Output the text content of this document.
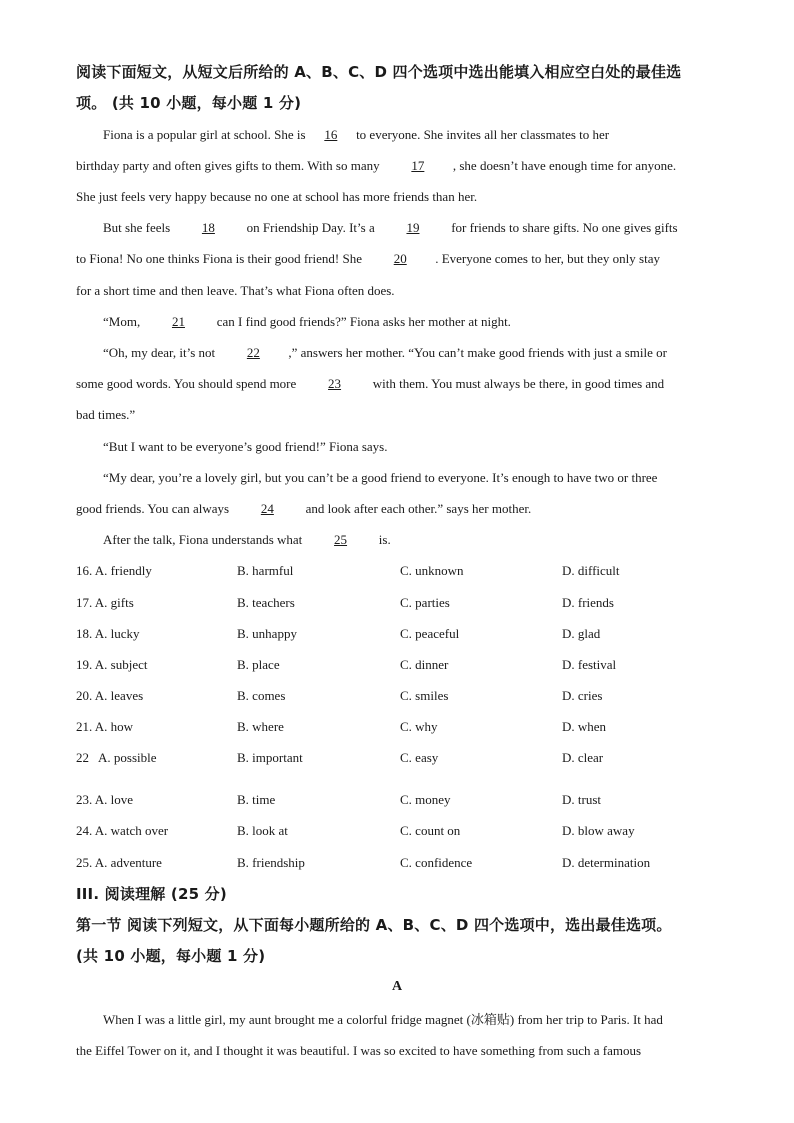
阅读下面短文，从短文后所给的 A、B、C、D 四个选项中选出能填入相应空白处的最佳选
项。 (共 10 小题，每小题 1 分)
Fiona is a popular girl at school. She is 16 to everyone. She invites all her classmates to her
birthday party and often gives gifts to them. With so many 17 , she doesn’t have enough time for anyone.
She just feels very happy because no one at school has more friends than her.
But she feels 18 on Friendship Day. It’s a 19 for friends to share gifts. No one gives gifts
to Fiona! No one thinks Fiona is their good friend! She 20 . Everyone comes to her, but they only stay
for a short time and then leave. That’s what Fiona often does.
“Mom, 21 can I find good friends?” Fiona asks her mother at night.
“Oh, my dear, it’s not 22 ,” answers her mother. “You can’t make good friends with just a smile or
some good words. You should spend more 23 with them. You must always be there, in good times and
bad times.”
“But I want to be everyone’s good friend!” Fiona says.
“My dear, you’re a lovely girl, but you can’t be a good friend to everyone. It’s enough to have two or three
good friends. You can always 24 and look after each other.” says her mother.
After the talk, Fiona understands what 25 is.
16. A. friendly	B. harmful	C. unknown	D. difficult
17. A. gifts	B. teachers	C. parties	D. friends
18. A. lucky	B. unhappy	C. peaceful	D. glad
19. A. subject	B. place	C. dinner	D. festival
20. A. leaves	B. comes	C. smiles	D. cries
21. A. how	B. where	C. why	D. when
22   A. possible	B. important	C. easy	D. clear
23. A. love	B. time	C. money	D. trust
24. A. watch over	B. look at	C. count on	D. blow away
25. A. adventure	B. friendship	C. confidence	D. determination
III. 阅读理解 (25 分)
第一节 阅读下列短文，从下面每小题所给的 A、B、C、D 四个选项中，选出最佳选项。
(共 10 小题，每小题 1 分)
A
When I was a little girl, my aunt brought me a colorful fridge magnet (冰箱贴) from her trip to Paris. It had
the Eiffel Tower on it, and I thought it was beautiful. I was so excited to have something from such a famous
